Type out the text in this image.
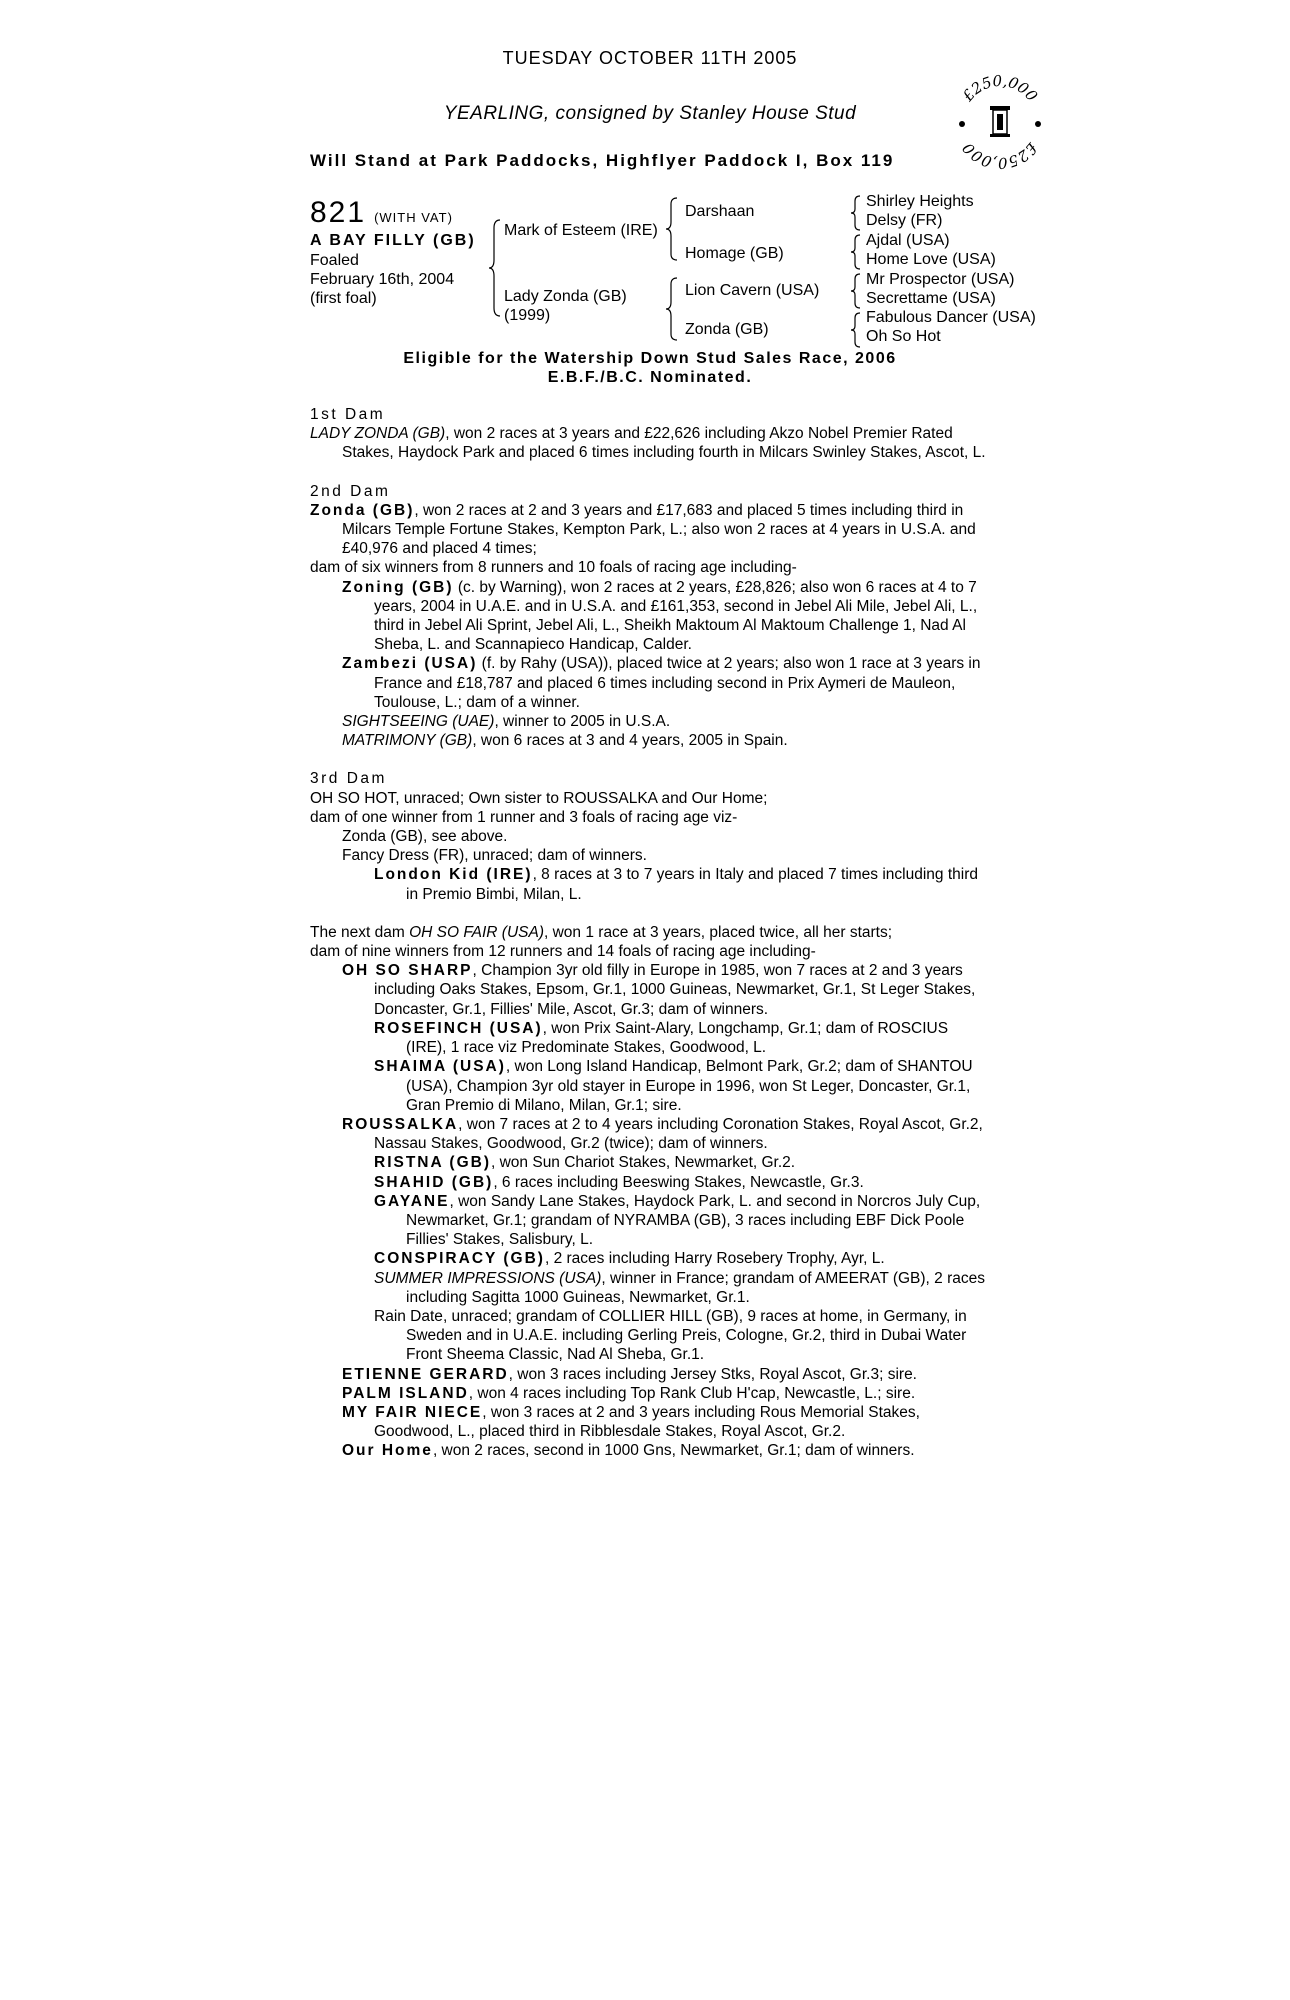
TUESDAY OCTOBER 11TH 2005
YEARLING, consigned by Stanley House Stud
Will Stand at Park Paddocks, Highflyer Paddock I, Box 119
£250,000
£250,000
821 (WITH VAT)
A BAY FILLY (GB)
Foaled
February 16th, 2004
(first foal)
Mark of Esteem (IRE)
Lady Zonda (GB)
(1999)
Darshaan
Homage (GB)
Lion Cavern (USA)
Zonda (GB)
Shirley Heights
Delsy (FR)
Ajdal (USA)
Home Love (USA)
Mr Prospector (USA)
Secrettame (USA)
Fabulous Dancer (USA)
Oh So Hot
Eligible for the Watership Down Stud Sales Race, 2006
E.B.F./B.C. Nominated.

1st Dam

LADY ZONDA (GB), won 2 races at 3 years and £22,626 including Akzo Nobel Premier Rated Stakes, Haydock Park and placed 6 times including fourth in Milcars Swinley Stakes, Ascot, L.

2nd Dam

Zonda (GB), won 2 races at 2 and 3 years and £17,683 and placed 5 times including third in Milcars Temple Fortune Stakes, Kempton Park, L.; also won 2 races at 4 years in U.S.A. and £40,976 and placed 4 times;

dam of six winners from 8 runners and 10 foals of racing age including-

Zoning (GB) (c. by Warning), won 2 races at 2 years, £28,826; also won 6 races at 4 to 7 years, 2004 in U.A.E. and in U.S.A. and £161,353, second in Jebel Ali Mile, Jebel Ali, L., third in Jebel Ali Sprint, Jebel Ali, L., Sheikh Maktoum Al Maktoum Challenge 1, Nad Al Sheba, L. and Scannapieco Handicap, Calder.

Zambezi (USA) (f. by Rahy (USA)), placed twice at 2 years; also won 1 race at 3 years in France and £18,787 and placed 6 times including second in Prix Aymeri de Mauleon, Toulouse, L.; dam of a winner.

SIGHTSEEING (UAE), winner to 2005 in U.S.A.

MATRIMONY (GB), won 6 races at 3 and 4 years, 2005 in Spain.

3rd Dam

OH SO HOT, unraced; Own sister to ROUSSALKA and Our Home;

dam of one winner from 1 runner and 3 foals of racing age viz-

Zonda (GB), see above.

Fancy Dress (FR), unraced; dam of winners.

London Kid (IRE), 8 races at 3 to 7 years in Italy and placed 7 times including third in Premio Bimbi, Milan, L.

The next dam OH SO FAIR (USA), won 1 race at 3 years, placed twice, all her starts;

dam of nine winners from 12 runners and 14 foals of racing age including-

OH SO SHARP, Champion 3yr old filly in Europe in 1985, won 7 races at 2 and 3 years including Oaks Stakes, Epsom, Gr.1, 1000 Guineas, Newmarket, Gr.1, St Leger Stakes, Doncaster, Gr.1, Fillies' Mile, Ascot, Gr.3; dam of winners.

ROSEFINCH (USA), won Prix Saint-Alary, Longchamp, Gr.1; dam of ROSCIUS (IRE), 1 race viz Predominate Stakes, Goodwood, L.

SHAIMA (USA), won Long Island Handicap, Belmont Park, Gr.2; dam of SHANTOU (USA), Champion 3yr old stayer in Europe in 1996, won St Leger, Doncaster, Gr.1, Gran Premio di Milano, Milan, Gr.1; sire.

ROUSSALKA, won 7 races at 2 to 4 years including Coronation Stakes, Royal Ascot, Gr.2, Nassau Stakes, Goodwood, Gr.2 (twice); dam of winners.

RISTNA (GB), won Sun Chariot Stakes, Newmarket, Gr.2.

SHAHID (GB), 6 races including Beeswing Stakes, Newcastle, Gr.3.

GAYANE, won Sandy Lane Stakes, Haydock Park, L. and second in Norcros July Cup, Newmarket, Gr.1; grandam of NYRAMBA (GB), 3 races including EBF Dick Poole Fillies' Stakes, Salisbury, L.

CONSPIRACY (GB), 2 races including Harry Rosebery Trophy, Ayr, L.

SUMMER IMPRESSIONS (USA), winner in France; grandam of AMEERAT (GB), 2 races including Sagitta 1000 Guineas, Newmarket, Gr.1.

Rain Date, unraced; grandam of COLLIER HILL (GB), 9 races at home, in Germany, in Sweden and in U.A.E. including Gerling Preis, Cologne, Gr.2, third in Dubai Water Front Sheema Classic, Nad Al Sheba, Gr.1.

ETIENNE GERARD, won 3 races including Jersey Stks, Royal Ascot, Gr.3; sire.

PALM ISLAND, won 4 races including Top Rank Club H'cap, Newcastle, L.; sire.

MY FAIR NIECE, won 3 races at 2 and 3 years including Rous Memorial Stakes, Goodwood, L., placed third in Ribblesdale Stakes, Royal Ascot, Gr.2.

Our Home, won 2 races, second in 1000 Gns, Newmarket, Gr.1; dam of winners.
